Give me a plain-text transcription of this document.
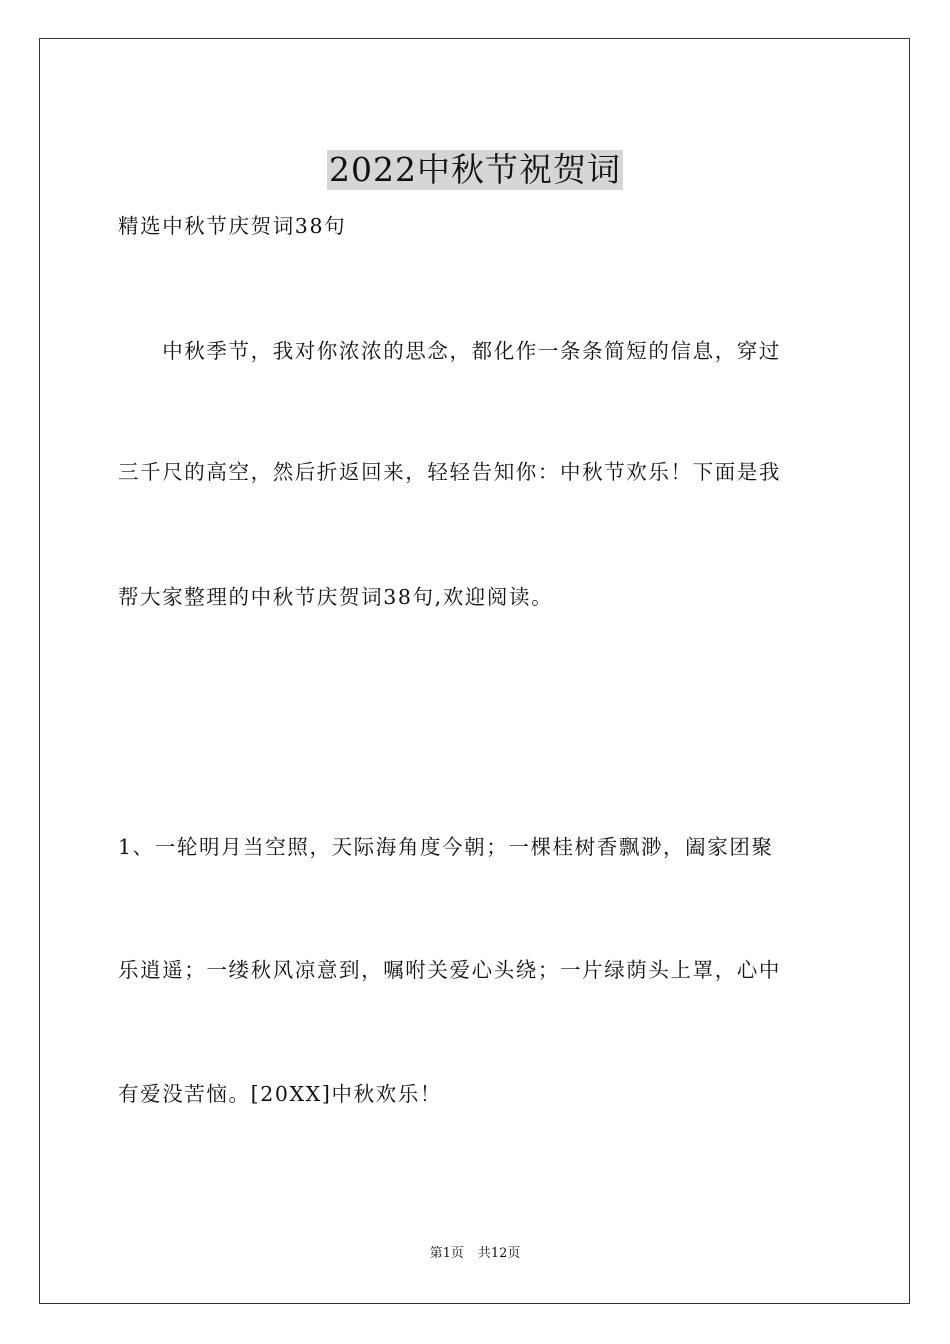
2022中秋节祝贺词
精选中秋节庆贺词38句
　　中秋季节，我对你浓浓的思念，都化作一条条简短的信息，穿过
三千尺的高空，然后折返回来，轻轻告知你：中秋节欢乐！下面是我
帮大家整理的中秋节庆贺词38句,欢迎阅读。
1、一轮明月当空照，天际海角度今朝；一棵桂树香飘渺，阖家团聚
乐逍遥；一缕秋风凉意到，嘱咐关爱心头绕；一片绿荫头上罩，心中
有爱没苦恼。[20XX]中秋欢乐！
第1页 共12页
